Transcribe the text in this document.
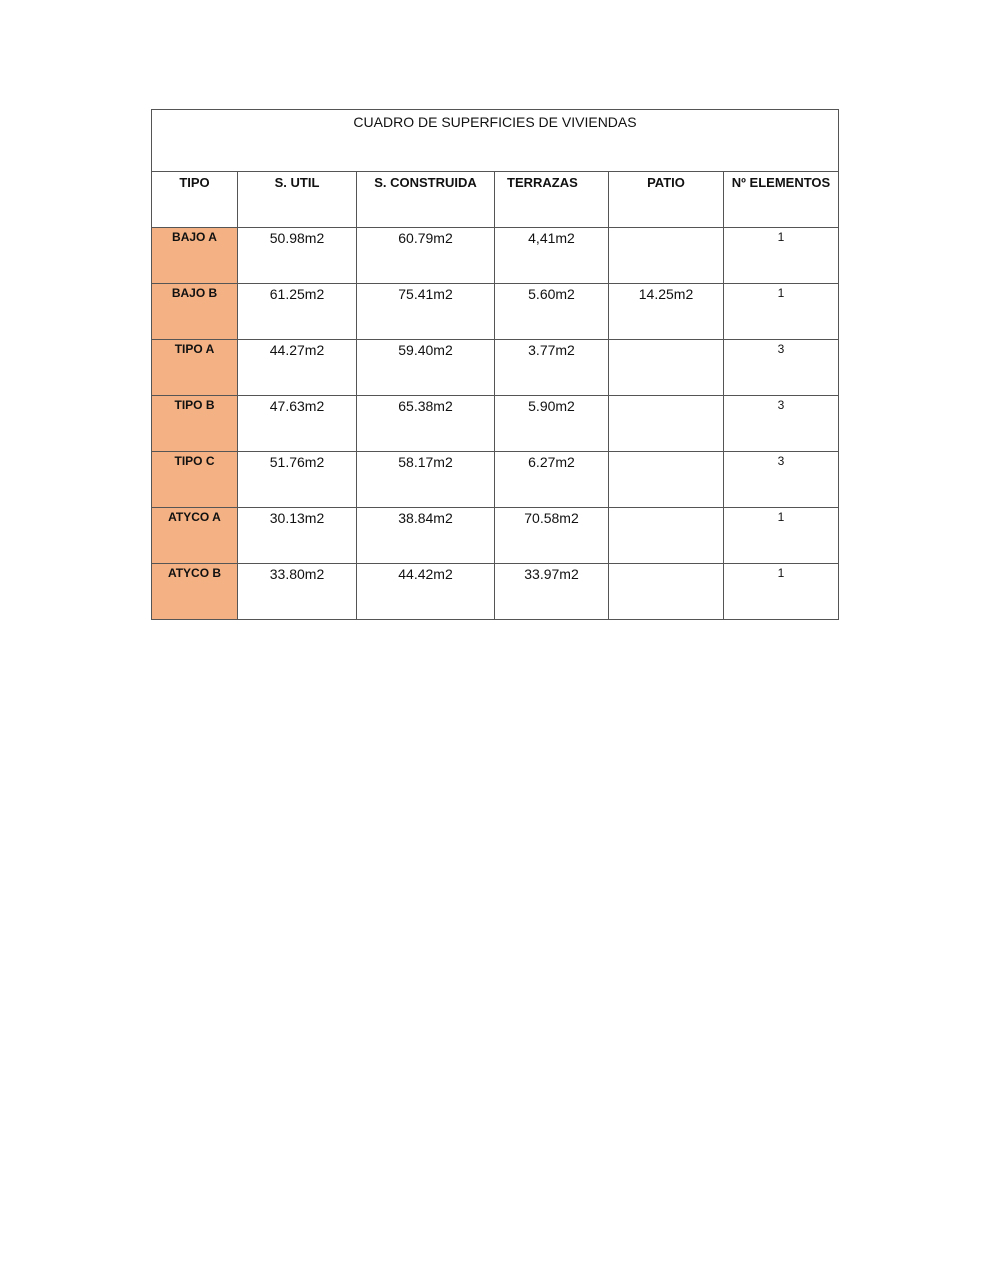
CUADRO DE SUPERFICIES DE VIVIENDAS					
TIPO	S. UTIL	S. CONSTRUIDA	TERRAZAS	PATIO	Nº ELEMENTOS
BAJO A	50.98m2	60.79m2	4,41m2		1
BAJO B	61.25m2	75.41m2	5.60m2	14.25m2	1
TIPO A	44.27m2	59.40m2	3.77m2		3
TIPO B	47.63m2	65.38m2	5.90m2		3
TIPO C	51.76m2	58.17m2	6.27m2		3
ATYCO A	30.13m2	38.84m2	70.58m2		1
ATYCO B	33.80m2	44.42m2	33.97m2		1
